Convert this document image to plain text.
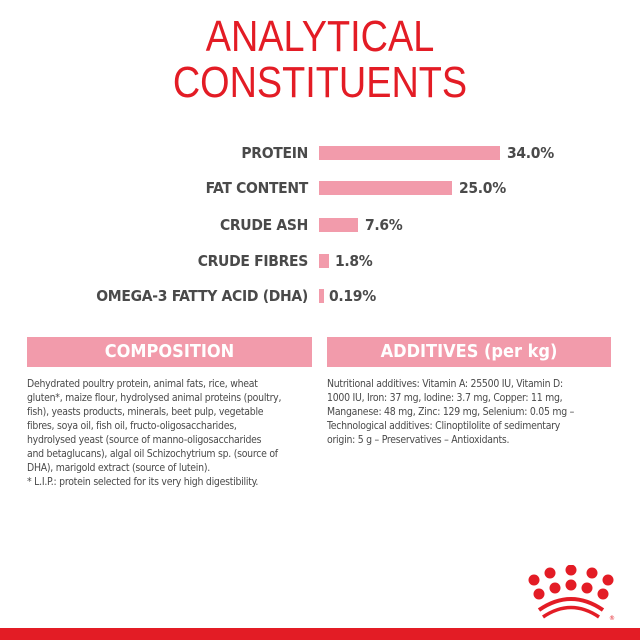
ANALYTICAL
CONSTITUENTS
PROTEIN	34.0%
FAT CONTENT	25.0%
CRUDE ASH	7.6%
CRUDE FIBRES 1.8%
OMEGA-3 FATTY ACID (DHA) 0.19%
COMPOSITION	ADDITIVES (per kg)
Dehydrated poultry protein, animal fats, rice, wheat
gluten*, maize flour, hydrolysed animal proteins (poultry,
fish), yeasts products, minerals, beet pulp, vegetable
fibres, soya oil, fish oil, fructo-oligosaccharides,
hydrolysed yeast (source of manno-oligosaccharides
and betaglucans), algal oil Schizochytrium sp. (source of
DHA), marigold extract (source of lutein).
* L.I.P.: protein selected for its very high digestibility.
Nutritional additives: Vitamin A: 25500 IU, Vitamin D:
1000 IU, Iron: 37 mg, Iodine: 3.7 mg, Copper: 11 mg,
Manganese: 48 mg, Zinc: 129 mg, Selenium: 0.05 mg –
Technological additives: Clinoptilolite of sedimentary
origin: 5 g – Preservatives – Antioxidants.
®
